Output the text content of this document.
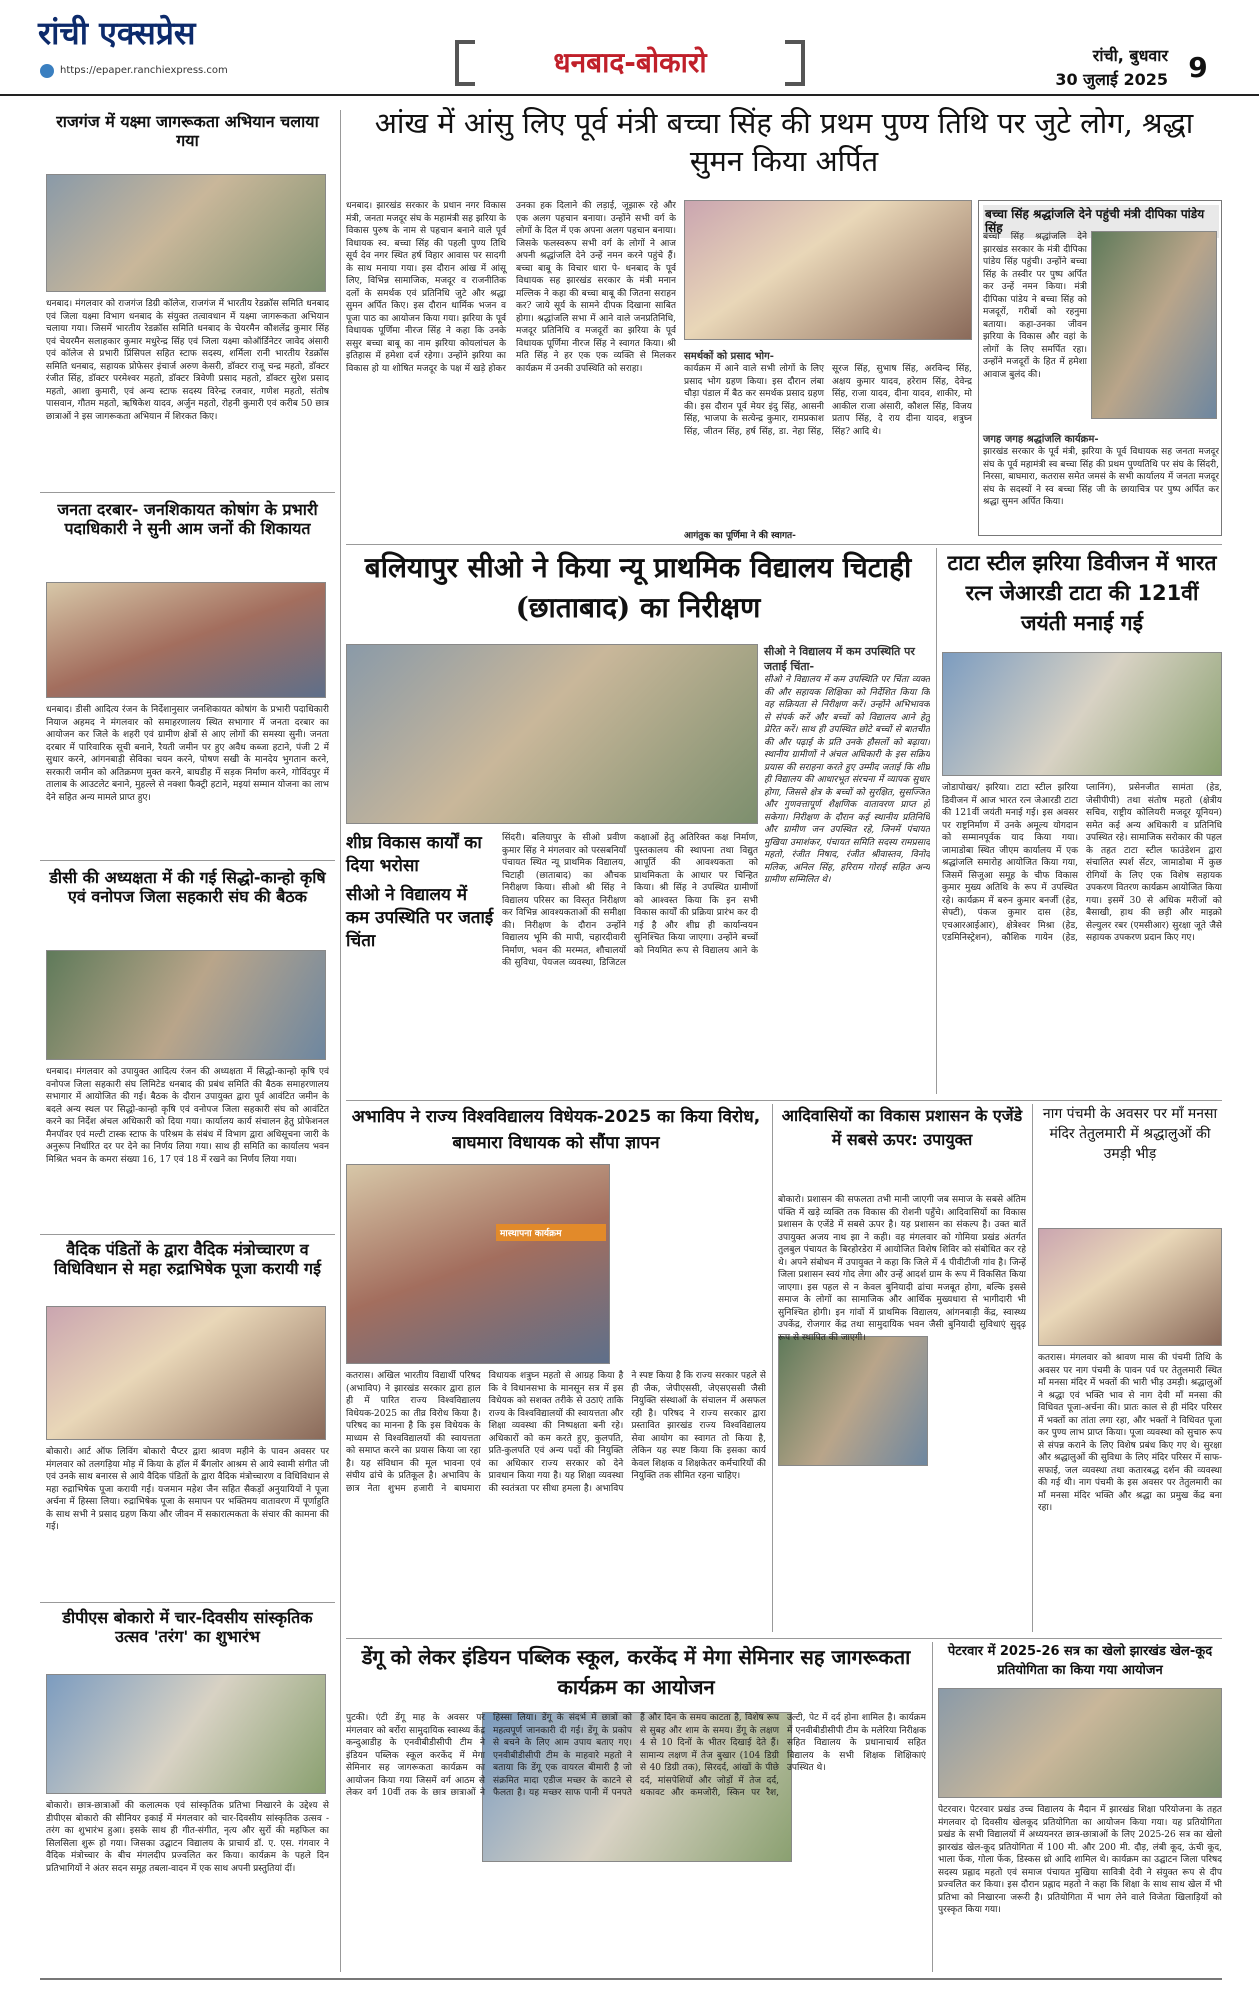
रांची एक्सप्रेस
https://epaper.ranchiexpress.com	धनबाद-बोकारो	रांची, बुधवार
30 जुलाई 2025 9
राजगंज में यक्ष्मा जागरूकता अभियान चलाया गया
धनबाद। मंगलवार को राजगंज डिग्री कॉलेज, राजगंज में भारतीय रेडक्रॉस समिति धनबाद एवं जिला यक्ष्मा विभाग धनबाद के संयुक्त तत्वावधान में यक्ष्मा जागरूकता अभियान चलाया गया। जिसमें भारतीय रेडक्रॉस समिति धनबाद के चेयरमैन कौशलेंद्र कुमार सिंह एवं चेयरमैन सलाहकार कुमार मधुरेन्द्र सिंह एवं जिला यक्ष्मा कोऑर्डिनेटर जावेद अंसारी एवं कॉलेज से प्रभारी प्रिंसिपल सहित स्टाफ सदस्य, शर्मिला रानी भारतीय रेडक्रॉस समिति धनबाद, सहायक प्रोफेसर इंचार्ज अरुण केसरी, डॉक्टर राजू चन्द्र महतो, डॉक्टर रंजीत सिंह, डॉक्टर परमेश्वर महतो, डॉक्टर त्रिवेणी प्रसाद महतो, डॉक्टर सुरेश प्रसाद महतो, आशा कुमारी, एवं अन्य स्टाफ सदस्य विरेन्द्र रजवार, गणेश महतो, संतोष पासवान, गौतम महतो, ऋषिकेश यादव, अर्जुन महतो, रोहनी कुमारी एवं करीब 50 छात्र छात्राओं ने इस जागरूकता अभियान में शिरकत किए।
जनता दरबार- जनशिकायत कोषांग के प्रभारी पदाधिकारी ने सुनी आम जनों की शिकायत
धनबाद। डीसी आदित्य रंजन के निर्देशानुसार जनशिकायत कोषांग के प्रभारी पदाधिकारी नियाज अहमद ने मंगलवार को समाहरणालय स्थित सभागार में जनता दरबार का आयोजन कर जिले के शहरी एवं ग्रामीण क्षेत्रों से आए लोगों की समस्या सुनी। जनता दरबार में पारिवारिक सूची बनाने, रैयती जमीन पर हुए अवैध कब्जा हटाने, पंजी 2 में सुधार करने, आंगनबाड़ी सेविका चयन करने, पोषण सखी के मानदेय भुगतान करने, सरकारी जमीन को अतिक्रमण मुक्त करने, बाघडीह में सड़क निर्माण करने, गोविंदपुर में तालाब के आउटलेट बनाने, मुहल्ले से नक्शा फैक्ट्री हटाने, मइयां सम्मान योजना का लाभ देने सहित अन्य मामले प्राप्त हुए।
डीसी की अध्यक्षता में की गई सिद्धो-कान्हो कृषि एवं वनोपज जिला सहकारी संघ की बैठक
धनबाद। मंगलवार को उपायुक्त आदित्य रंजन की अध्यक्षता में सिद्धो-कान्हो कृषि एवं वनोपज जिला सहकारी संघ लिमिटेड धनबाद की प्रबंध समिति की बैठक समाहरणालय सभागार में आयोजित की गई। बैठक के दौरान उपायुक्त द्वारा पूर्व आवंटित जमीन के बदले अन्य स्थल पर सिद्धो-कान्हो कृषि एवं वनोपज जिला सहकारी संघ को आवंटित करने का निर्देश अंचल अधिकारी को दिया गया। कार्यालय कार्य संचालन हेतु प्रोफेशनल मैनपॉवर एवं मल्टी टास्क स्टाफ के परिश्रम के संबंध में विभाग द्वारा अधिसूचना जारी के अनुरूप निर्धारित दर पर देने का निर्णय लिया गया। साथ ही समिति का कार्यालय भवन मिश्रित भवन के कमरा संख्या 16, 17 एवं 18 में रखने का निर्णय लिया गया।
वैदिक पंडितों के द्वारा वैदिक मंत्रोच्चारण व विधिविधान से महा रुद्राभिषेक पूजा करायी गई
बोकारो। आर्ट ऑफ लिविंग बोकारो चैप्टर द्वारा श्रावण महीने के पावन अवसर पर मंगलवार को तलगड़िया मोड़ में किया के हॉल में बैंगलोर आश्रम से आये स्वामी संगीत जी एवं उनके साथ बनारस से आये वैदिक पंडितों के द्वारा वैदिक मंत्रोच्चारण व विधिविधान से महा रुद्राभिषेक पूजा करायी गई। यजमान महेश जैन सहित सैकड़ों अनुयायियों ने पूजा अर्चना में हिस्सा लिया। रुद्राभिषेक पूजा के समापन पर भक्तिमय वातावरण में पूर्णाहुति के साथ सभी ने प्रसाद ग्रहण किया और जीवन में सकारात्मकता के संचार की कामना की गई।
डीपीएस बोकारो में चार-दिवसीय सांस्कृतिक उत्सव 'तरंग' का शुभारंभ
बोकारो। छात्र-छात्राओं की कलात्मक एवं सांस्कृतिक प्रतिभा निखारने के उद्देश्य से डीपीएस बोकारो की सीनियर इकाई में मंगलवार को चार-दिवसीय सांस्कृतिक उत्सव - तरंग का शुभारंभ हुआ। इसके साथ ही गीत-संगीत, नृत्य और सुरों की महफिल का सिलसिला शुरू हो गया। जिसका उद्घाटन विद्यालय के प्राचार्य डॉ. ए. एस. गंगवार ने वैदिक मंत्रोच्चार के बीच मंगलदीप प्रज्वलित कर किया। कार्यक्रम के पहले दिन प्रतिभागियों ने अंतर सदन समूह तबला-वादन में एक साथ अपनी प्रस्तुतियां दीं।
आंख में आंसु लिए पूर्व मंत्री बच्चा सिंह की प्रथम पुण्य तिथि पर जुटे लोग, श्रद्धा सुमन किया अर्पित
धनबाद। झारखंड सरकार के प्रधान नगर विकास मंत्री, जनता मजदूर संघ के महामंत्री सह झरिया के विकास पुरुष के नाम से पहचान बनाने वाले पूर्व विधायक स्व. बच्चा सिंह की पहली पुण्य तिथि सूर्य देव नगर स्थित हर्ष विहार आवास पर सादगी के साथ मनाया गया। इस दौरान आंख में आंसू लिए, विभिन्न सामाजिक, मजदूर व राजनीतिक दलों के समर्थक एवं प्रतिनिधि जुटे और श्रद्धा सुमन अर्पित किए। इस दौरान धार्मिक भजन व पूजा पाठ का आयोजन किया गया। झरिया के पूर्व विधायक पूर्णिमा नीरज सिंह ने कहा कि उनके ससुर बच्चा बाबू का नाम झरिया कोयलांचल के इतिहास में हमेशा दर्ज रहेगा। उन्होंने झरिया का विकास हो या शोषित मजदूर के पक्ष में खड़े होकर उनका हक दिलाने की लड़ाई, जूझारू रहे और एक अलग पहचान बनाया। उन्होंने सभी वर्ग के लोगों के दिल में एक अपना अलग पहचान बनाया। जिसके फलस्वरूप सभी वर्ग के लोगों ने आज अपनी श्रद्धांजलि देने उन्हें नमन करने पहुंचे हैं। बच्चा बाबू के विचार धारा पे- धनबाद के पूर्व विधायक सह झारखंड सरकार के मंत्री मनान मल्लिक ने कहा की बच्चा बाबू की जितना सराहन कर? जाये सूर्य के सामने दीपक दिखाना साबित होगा। श्रद्धांजलि सभा में आने वाले जनप्रतिनिधि, मजदूर प्रतिनिधि व मजदूरों का झरिया के पूर्व विधायक पूर्णिमा नीरज सिंह ने स्वागत किया। श्री मति सिंह ने हर एक एक व्यक्ति से मिलकर कार्यक्रम में उनकी उपस्थिति को सराहा।
आगंतुक का पूर्णिमा ने की स्वागत-
समर्थकों को प्रसाद भोग-
कार्यक्रम में आने वाले सभी लोगों के लिए प्रसाद भोग ग्रहण किया। इस दौरान लंबा चौड़ा पंडाल में बैठ कर समर्थक प्रसाद ग्रहण की। इस दौरान पूर्व मेयर इंदु सिंह, आसनी सिंह, भाजपा के सत्येन्द्र कुमार, रामप्रकाश सिंह, जीतन सिंह, हर्ष सिंह, डा. नेहा सिंह, सूरज सिंह, सुभाष सिंह, अरविन्द सिंह, अक्षय कुमार यादव, हरेराम सिंह, देवेन्द्र सिंह, राजा यादव, दीना यादव, शाकीर, मो आकील राजा अंसारी, कौशल सिंह, विजय प्रताप सिंह, दे राय दीना यादव, शत्रुघ्न सिंह? आदि थे।
बच्चा सिंह श्रद्धांजलि देने पहुंची मंत्री दीपिका पांडेय सिंह
बच्चा सिंह श्रद्धांजलि देने झारखंड सरकार के मंत्री दीपिका पांडेय सिंह पहुंची। उन्होंने बच्चा सिंह के तस्वीर पर पुष्प अर्पित कर उन्हें नमन किया। मंत्री दीपिका पांडेय ने बच्चा सिंह को मजदूरों, गरीबों को रहनुमा बताया। कहा-उनका जीवन झरिया के विकास और वहां के लोगों के लिए समर्पित रहा। उन्होंने मजदूरों के हित में हमेशा आवाज बुलंद की।
जगह जगह श्रद्धांजलि कार्यक्रम-
झारखंड सरकार के पूर्व मंत्री, झरिया के पूर्व विधायक सह जनता मजदूर संघ के पूर्व महामंत्री स्व बच्चा सिंह की प्रथम पुण्यतिथि पर संघ के सिंदरी, निरसा, बाघमारा, कतरास समेत जमसं के सभी कार्यालय में जनता मजदूर संघ के सदस्यों ने स्व बच्चा सिंह जी के छायाचित्र पर पुष्प अर्पित कर श्रद्धा सुमन अर्पित किया।
बलियापुर सीओ ने किया न्यू प्राथमिक विद्यालय चिटाही (छाताबाद) का निरीक्षण
सीओ ने विद्यालय में कम उपस्थिति पर जताई चिंता-
सीओ ने विद्यालय में कम उपस्थिति पर चिंता व्यक्त की और सहायक शिक्षिका को निर्देशित किया कि वह सक्रियता से निरीक्षण करें। उन्होंने अभिभावक से संपर्क करें और बच्चों को विद्यालय आने हेतु प्रेरित करें। साथ ही उपस्थित छोटे बच्चों से बातचीत की और पढ़ाई के प्रति उनके हौसलों को बढ़ाया। स्थानीय ग्रामीणों ने अंचल अधिकारी के इस सक्रिय प्रयास की सराहना करते हुए उम्मीद जताई कि शीघ्र ही विद्यालय की आधारभूत संरचना में व्यापक सुधार होगा, जिससे क्षेत्र के बच्चों को सुरक्षित, सुसज्जित और गुणवत्तापूर्ण शैक्षणिक वातावरण प्राप्त हो सकेगा। निरीक्षण के दौरान कई स्थानीय प्रतिनिधि और ग्रामीण जन उपस्थित रहे, जिनमें पंचायत मुखिया उमाशंकर, पंचायत समिति सदस्य रामप्रसाद महतो, रंजीत निषाद, रंजीत श्रीवास्तव, विनोद मलिक, अनिल सिंह, हरिराम गोराई सहित अन्य ग्रामीण सम्मिलित थे।
शीघ्र विकास कार्यों का दिया भरोसा
सीओ ने विद्यालय में कम उपस्थिति पर जताई चिंता
सिंदरी। बलियापुर के सीओ प्रवीण कुमार सिंह ने मंगलवार को परसबनियाँ पंचायत स्थित न्यू प्राथमिक विद्यालय, चिटाही (छाताबाद) का औचक निरीक्षण किया। सीओ श्री सिंह ने विद्यालय परिसर का विस्तृत निरीक्षण कर विभिन्न आवश्यकताओं की समीक्षा की। निरीक्षण के दौरान उन्होंने विद्यालय भूमि की मापी, चहारदीवारी निर्माण, भवन की मरम्मत, शौचालयों की सुविधा, पेयजल व्यवस्था, डिजिटल कक्षाओं हेतु अतिरिक्त कक्ष निर्माण, पुस्तकालय की स्थापना तथा विद्युत आपूर्ति की आवश्यकता को प्राथमिकता के आधार पर चिन्हित किया। श्री सिंह ने उपस्थित ग्रामीणों को आश्वस्त किया कि इन सभी विकास कार्यों की प्रक्रिया प्रारंभ कर दी गई है और शीघ्र ही कार्यान्वयन सुनिश्चित किया जाएगा। उन्होंने बच्चों को नियमित रूप से विद्यालय आने के
टाटा स्टील झरिया डिवीजन में भारत रत्न जेआरडी टाटा की 121वीं जयंती मनाई गई
जोडापोखर/ झरिया। टाटा स्टील झरिया डिवीजन में आज भारत रत्न जेआरडी टाटा की 121वीं जयंती मनाई गई। इस अवसर पर राष्ट्रनिर्माण में उनके अमूल्य योगदान को सम्मानपूर्वक याद किया गया। जामाडोबा स्थित जीएम कार्यालय में एक श्रद्धांजलि समारोह आयोजित किया गया, जिसमें सिजुआ समूह के चीफ विकास कुमार मुख्य अतिथि के रूप में उपस्थित रहे। कार्यक्रम में बरुन कुमार बनर्जी (हेड, सेफ्टी), पंकज कुमार दास (हेड, एचआरआईआर), क्षेत्रेश्वर मिश्रा (हेड, एडमिनिस्ट्रेशन), कौशिक गायेन (हेड, प्लानिंग), प्रसेनजीत सामंता (हेड, जेसीपीपी) तथा संतोष महतो (क्षेत्रीय सचिव, राष्ट्रीय कोलियरी मजदूर यूनियन) समेत कई अन्य अधिकारी व प्रतिनिधि उपस्थित रहे। सामाजिक सरोकार की पहल के तहत टाटा स्टील फाउंडेशन द्वारा संचालित स्पर्श सेंटर, जामाडोबा में कुछ रोगियों के लिए एक विशेष सहायक उपकरण वितरण कार्यक्रम आयोजित किया गया। इसमें 30 से अधिक मरीजों को बैसाखी, हाथ की छड़ी और माइक्रो सेल्युलर रबर (एमसीआर) सुरक्षा जूते जैसे सहायक उपकरण प्रदान किए गए।
अभाविप ने राज्य विश्वविद्यालय विधेयक-2025 का किया विरोध, बाघमारा विधायक को सौंपा ज्ञापन
मास्थापना कार्यक्रम
कतरास। अखिल भारतीय विद्यार्थी परिषद (अभाविप) ने झारखंड सरकार द्वारा हाल ही में पारित राज्य विश्वविद्यालय विधेयक-2025 का तीव्र विरोध किया है। परिषद का मानना है कि इस विधेयक के माध्यम से विश्वविद्यालयों की स्वायत्तता को समाप्त करने का प्रयास किया जा रहा है। यह संविधान की मूल भावना एवं संघीय ढांचे के प्रतिकूल है। अभाविप के छात्र नेता शुभम हजारी ने बाघमारा विधायक शत्रुघ्न महतो से आग्रह किया है कि वे विधानसभा के मानसून सत्र में इस विधेयक को सशक्त तरीके से उठाएं ताकि राज्य के विश्वविद्यालयों की स्वायत्तता और शिक्षा व्यवस्था की निष्पक्षता बनी रहे। अधिकारों को कम करते हुए, कुलपति, प्रति-कुलपति एवं अन्य पदों की नियुक्ति का अधिकार राज्य सरकार को देने प्रावधान किया गया है। यह शिक्षा व्यवस्था की स्वतंत्रता पर सीधा हमला है। अभाविप ने स्पष्ट किया है कि राज्य सरकार पहले से ही जैक, जेपीएससी, जेएसएससी जैसी नियुक्ति संस्थाओं के संचालन में असफल रही है। परिषद ने राज्य सरकार द्वारा प्रस्तावित झारखंड राज्य विश्वविद्यालय सेवा आयोग का स्वागत तो किया है, लेकिन यह स्पष्ट किया कि इसका कार्य केवल शिक्षक व शिक्षकेतर कर्मचारियों की नियुक्ति तक सीमित रहना चाहिए।
आदिवासियों का विकास प्रशासन के एजेंडे में सबसे ऊपर: उपायुक्त
बोकारो। प्रशासन की सफलता तभी मानी जाएगी जब समाज के सबसे अंतिम पंक्ति में खड़े व्यक्ति तक विकास की रोशनी पहुँचे। आदिवासियों का विकास प्रशासन के एजेंडे में सबसे ऊपर है। यह प्रशासन का संकल्प है। उक्त बातें उपायुक्त अजय नाथ झा ने कही। वह मंगलवार को गोमिया प्रखंड अंतर्गत तुलबुल पंचायत के बिरहोरडेरा में आयोजित विशेष शिविर को संबोधित कर रहे थे। अपने संबोधन में उपायुक्त ने कहा कि जिले में 4 पीवीटीजी गांव है। जिन्हें जिला प्रशासन स्वयं गोद लेगा और उन्हें आदर्श ग्राम के रूप में विकसित किया जाएगा। इस पहल से न केवल बुनियादी ढांचा मजबूत होगा, बल्कि इससे समाज के लोगों का सामाजिक और आर्थिक मुख्यधारा से भागीदारी भी सुनिश्चित होगी। इन गांवों में प्राथमिक विद्यालय, आंगनबाड़ी केंद्र, स्वास्थ्य उपकेंद्र, रोजगार केंद्र तथा सामुदायिक भवन जैसी बुनियादी सुविधाएं सुदृढ़ रूप से स्थापित की जाएगी।
नाग पंचमी के अवसर पर माँ मनसा मंदिर तेतुलमारी में श्रद्धालुओं की उमड़ी भीड़
कतरास। मंगलवार को श्रावण मास की पंचमी तिथि के अवसर पर नाग पंचमी के पावन पर्व पर तेतुलमारी स्थित माँ मनसा मंदिर में भक्तों की भारी भीड़ उमड़ी। श्रद्धालुओं ने श्रद्धा एवं भक्ति भाव से नाग देवी माँ मनसा की विधिवत पूजा-अर्चना की। प्रातः काल से ही मंदिर परिसर में भक्तों का तांता लगा रहा, और भक्तों ने विधिवत पूजा कर पुण्य लाभ प्राप्त किया। पूजा व्यवस्था को सुचारु रूप से संपन्न कराने के लिए विशेष प्रबंध किए गए थे। सुरक्षा और श्रद्धालुओं की सुविधा के लिए मंदिर परिसर में साफ-सफाई, जल व्यवस्था तथा कतारबद्ध दर्शन की व्यवस्था की गई थी। नाग पंचमी के इस अवसर पर तेतुलमारी का माँ मनसा मंदिर भक्ति और श्रद्धा का प्रमुख केंद्र बना रहा।
डेंगू को लेकर इंडियन पब्लिक स्कूल, करकेंद में मेगा सेमिनार सह जागरूकता कार्यक्रम का आयोजन
पुटकी। एंटी डेंगू माह के अवसर पर मंगलवार को बर्रोरा सामुदायिक स्वास्थ्य केंद्र कन्दुआडीह के एनवीबीडीसीपी टीम ने इंडियन पब्लिक स्कूल करकेंद में मेगा सेमिनार सह जागरूकता कार्यक्रम का आयोजन किया गया जिसमें वर्ग आठम से लेकर वर्ग 10वीं तक के छात्र छात्राओं ने हिस्सा लिया। डेंगू के संदर्भ में छात्रों को महत्वपूर्ण जानकारी दी गई। डेंगू के प्रकोप से बचने के लिए आम उपाय बताए गए। एनवीबीडीसीपी टीम के माहवारे महतो ने बताया कि डेंगू एक वायरल बीमारी है जो संक्रमित मादा एडीज मच्छर के काटने से फैलता है। यह मच्छर साफ पानी में पनपते हैं और दिन के समय काटता है, विशेष रूप से सुबह और शाम के समय। डेंगू के लक्षण 4 से 10 दिनों के भीतर दिखाई देते हैं। सामान्य लक्षण में तेज बुखार (104 डिग्री से 40 डिग्री तक), सिरदर्द, आंखों के पीछे दर्द, मांसपेशियों और जोड़ों में तेज दर्द, थकावट और कमजोरी, स्किन पर रैश, उल्टी, पेट में दर्द होना शामिल है। कार्यक्रम में एनवीबीडीसीपी टीम के मलेरिया निरीक्षक सहित विद्यालय के प्रधानाचार्य सहित विद्यालय के सभी शिक्षक शिक्षिकाएं उपस्थित थे।
पेटरवार में 2025-26 सत्र का खेलो झारखंड खेल-कूद प्रतियोगिता का किया गया आयोजन
पेटरवार। पेटरवार प्रखंड उच्च विद्यालय के मैदान में झारखंड शिक्षा परियोजना के तहत मंगलवार दो दिवसीय खेलकूद प्रतियोगिता का आयोजन किया गया। यह प्रतियोगिता प्रखंड के सभी विद्यालयों में अध्ययनरत छात्र-छात्राओं के लिए 2025-26 सत्र का खेलो झारखंड खेल-कूद प्रतियोगिता में 100 मी. और 200 मी. दौड़, लंबी कूद, ऊंची कूद, भाला फेंक, गोला फेंक, डिस्कस थ्रो आदि शामिल थे। कार्यक्रम का उद्घाटन जिला परिषद सदस्य प्रह्लाद महतो एवं समाज पंचायत मुखिया सावित्री देवी ने संयुक्त रूप से दीप प्रज्वलित कर किया। इस दौरान प्रह्लाद महतो ने कहा कि शिक्षा के साथ साथ खेल में भी प्रतिभा को निखारना जरूरी है। प्रतियोगिता में भाग लेने वाले विजेता खिलाड़ियों को पुरस्कृत किया गया।
